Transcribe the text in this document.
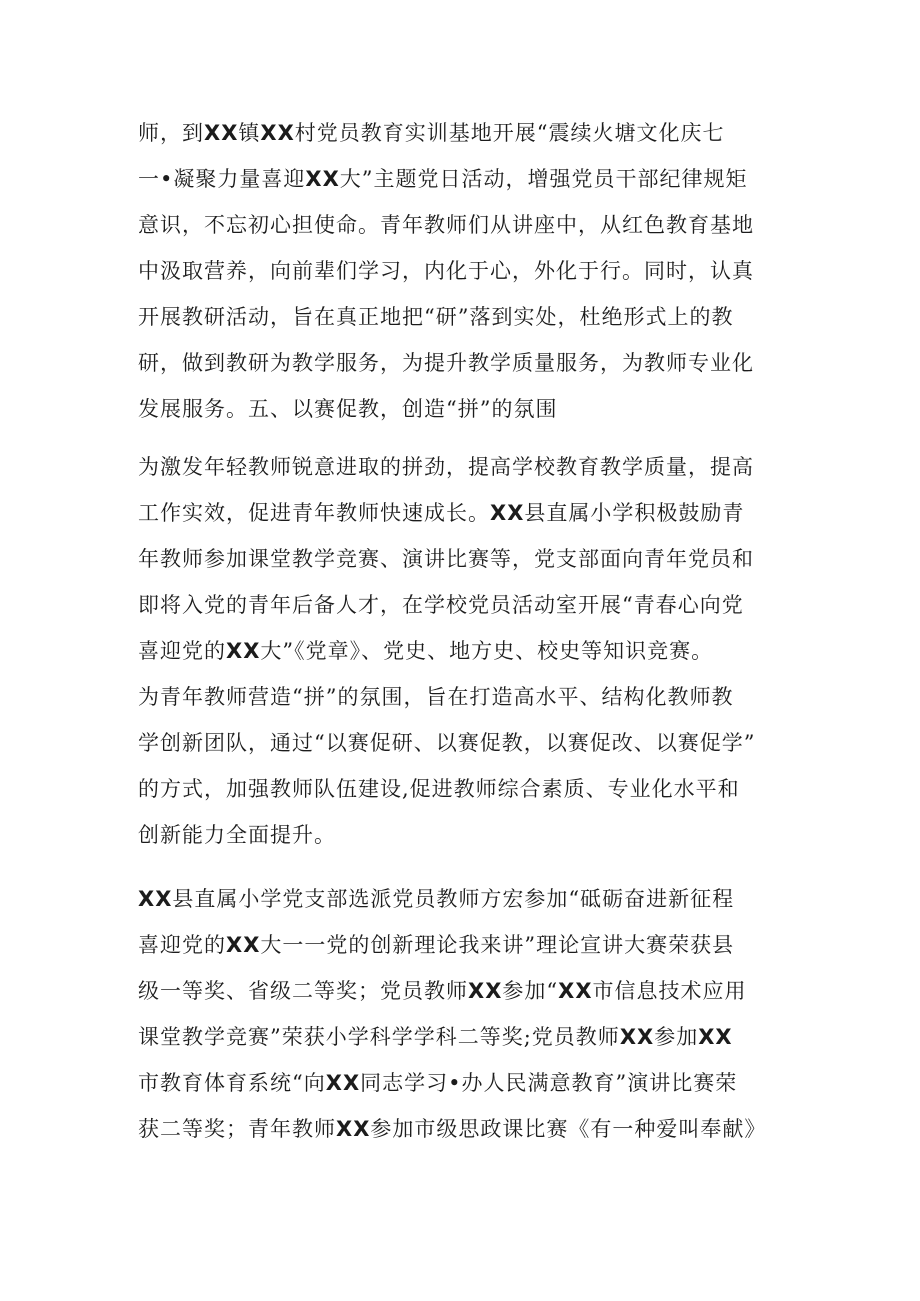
师，到XX镇XX村党员教育实训基地开展“震续火塘文化庆七
一•凝聚力量喜迎XX大”主题党日活动，增强党员干部纪律规矩
意识，不忘初心担使命。青年教师们从讲座中，从红色教育基地
中汲取营养，向前辈们学习，内化于心，外化于行。同时，认真
开展教研活动，旨在真正地把“研”落到实处，杜绝形式上的教
研，做到教研为教学服务，为提升教学质量服务，为教师专业化
发展服务。五、以赛促教，创造“拼”的氛围
为激发年轻教师锐意进取的拼劲，提高学校教育教学质量，提高
工作实效，促进青年教师快速成长。XX县直属小学积极鼓励青
年教师参加课堂教学竞赛、演讲比赛等，党支部面向青年党员和
即将入党的青年后备人才，在学校党员活动室开展“青春心向党
喜迎党的XX大”《党章》、党史、地方史、校史等知识竞赛。
为青年教师营造“拼”的氛围，旨在打造高水平、结构化教师教
学创新团队，通过“以赛促研、以赛促教，以赛促改、以赛促学”
的方式，加强教师队伍建设,促进教师综合素质、专业化水平和
创新能力全面提升。
XX县直属小学党支部选派党员教师方宏参加“砥砺奋进新征程
喜迎党的XX大一一党的创新理论我来讲”理论宣讲大赛荣获县
级一等奖、省级二等奖；党员教师XX参加“XX市信息技术应用
课堂教学竞赛”荣获小学科学学科二等奖;党员教师XX参加XX
市教育体育系统“向XX同志学习•办人民满意教育”演讲比赛荣
获二等奖；青年教师XX参加市级思政课比赛《有一种爱叫奉献》
